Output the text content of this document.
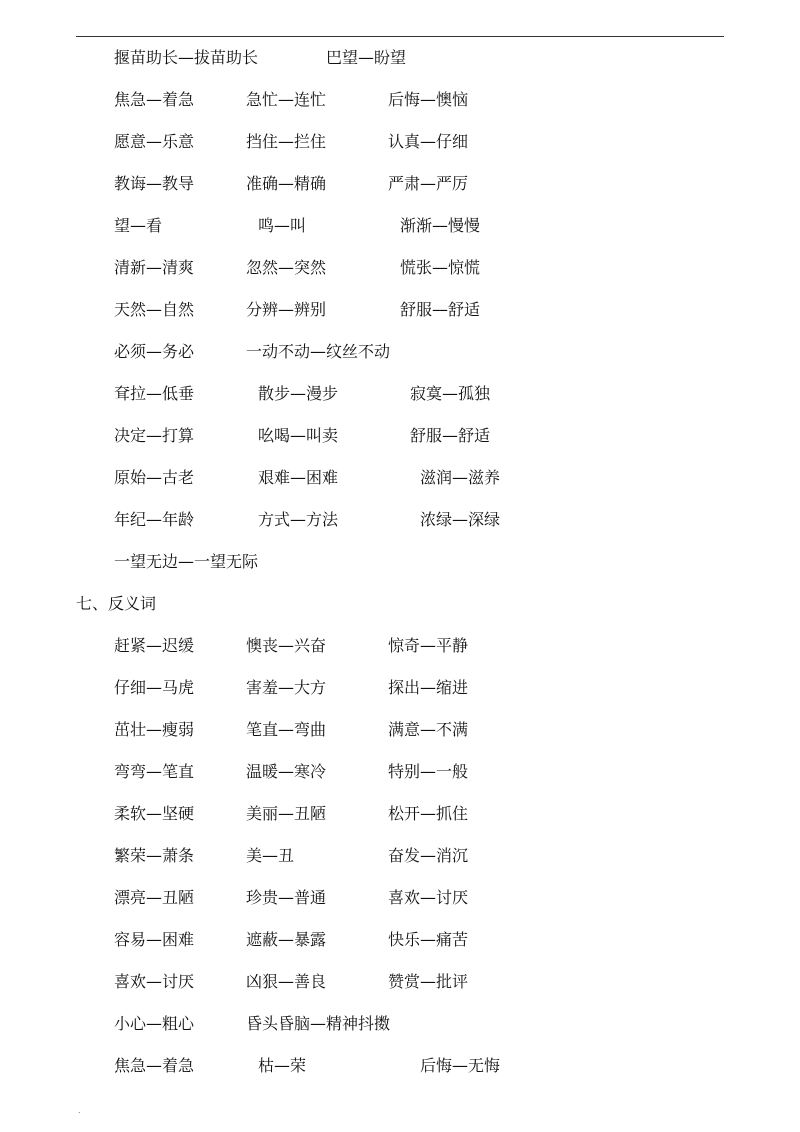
揠苗助长—拔苗助长	巴望—盼望
焦急—着急	急忙—连忙	后悔—懊恼
愿意—乐意	挡住—拦住	认真—仔细
教诲—教导	准确—精确	严肃—严厉
望—看	鸣—叫	渐渐—慢慢
清新—清爽	忽然—突然	慌张—惊慌
天然—自然	分辨—辨别	舒服—舒适
必须—务必	一动不动—纹丝不动
耷拉—低垂	散步—漫步	寂寞—孤独
决定—打算	吆喝—叫卖	舒服—舒适
原始—古老	艰难—困难	滋润—滋养
年纪—年龄	方式—方法	浓绿—深绿
一望无边—一望无际
七、反义词
赶紧—迟缓	懊丧—兴奋	惊奇—平静
仔细—马虎	害羞—大方	探出—缩进
茁壮—瘦弱	笔直—弯曲	满意—不满
弯弯—笔直	温暖—寒冷	特别—一般
柔软—坚硬	美丽—丑陋	松开—抓住
繁荣—萧条	美—丑	奋发—消沉
漂亮—丑陋	珍贵—普通	喜欢—讨厌
容易—困难	遮蔽—暴露	快乐—痛苦
喜欢—讨厌	凶狠—善良	赞赏—批评
小心—粗心	昏头昏脑—精神抖擞
焦急—着急	枯—荣	后悔—无悔
.
